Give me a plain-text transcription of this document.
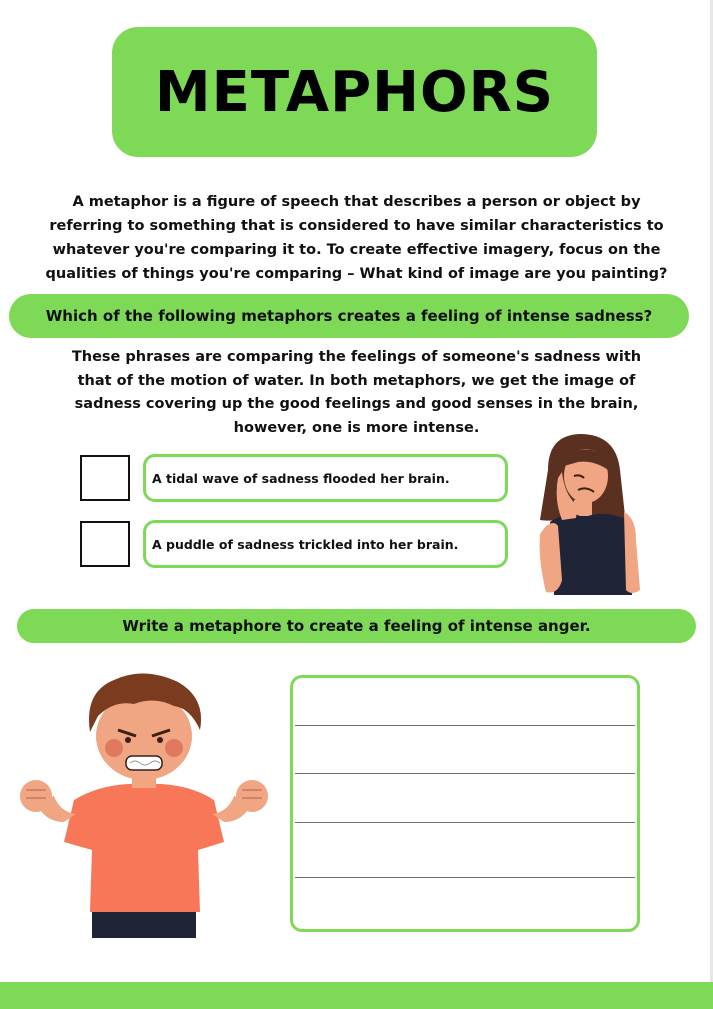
METAPHORS
A metaphor is a figure of speech that describes a person or object by referring to something that is considered to have similar characteristics to whatever you're comparing it to. To create effective imagery, focus on the qualities of things you're comparing – What kind of image are you painting?
Which of the following metaphors creates a feeling of intense sadness?
These phrases are comparing the feelings of someone's sadness with that of the motion of water. In both metaphors, we get the image of sadness covering up the good feelings and good senses in the brain, however, one is more intense.
A tidal wave of sadness flooded her brain.
A puddle of sadness trickled into her brain.
Write a metaphore to create a feeling of intense anger.
